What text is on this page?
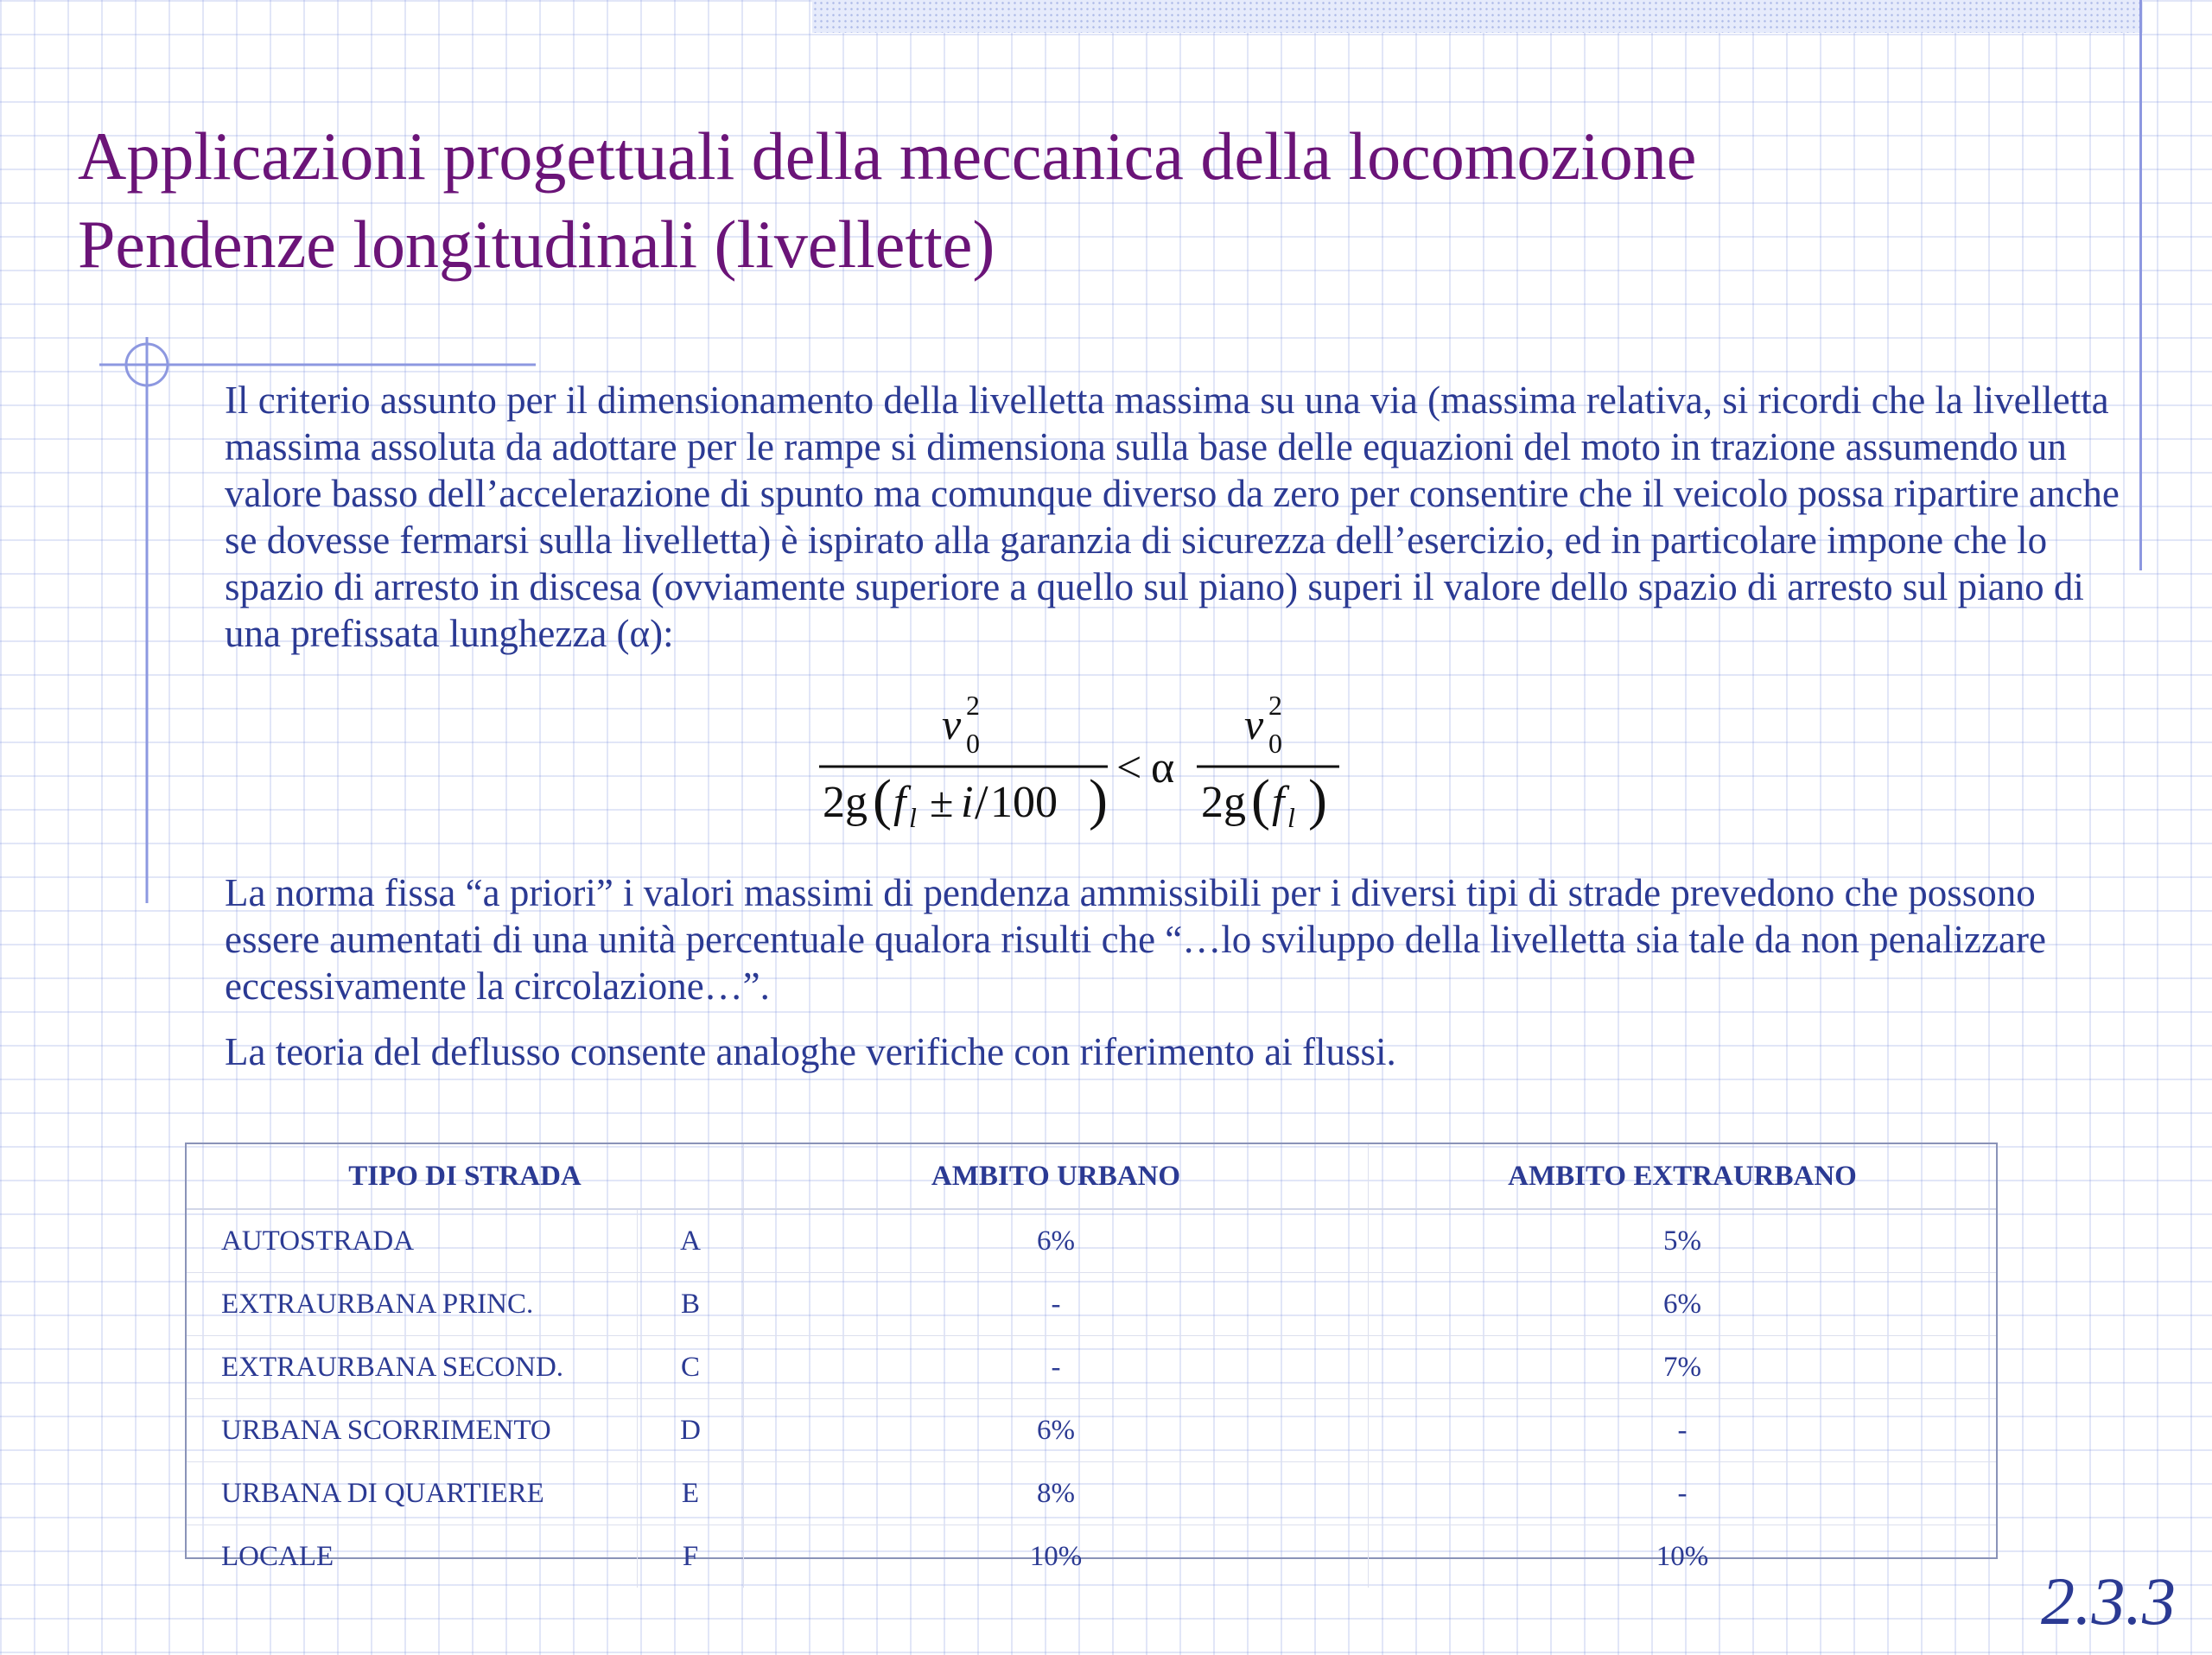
Applicazioni progettuali della meccanica della locomozione
Pendenze longitudinali (livellette)

Il criterio assunto per il dimensionamento della livelletta massima su una via (massima relativa, si ricordi che la livelletta massima assoluta da adottare per le rampe si dimensiona sulla base delle equazioni del moto in trazione assumendo un valore basso dell’accelerazione di spunto ma comunque diverso da zero per consentire che il veicolo possa ripartire anche se dovesse fermarsi sulla livelletta) è ispirato alla garanzia di sicurezza dell’esercizio, ed in particolare impone che lo spazio di arresto in discesa (ovviamente superiore a quello sul piano) superi il valore dello spazio di arresto sul piano di una prefissata lunghezza (α):

v 2
0
2g ( f l ± i / 100 )
< α
v 2
0
2g ( f l )

La norma fissa “a priori” i valori massimi di pendenza ammissibili per i diversi tipi di strade prevedono che possono essere aumentati di una unità percentuale qualora risulti che “…lo sviluppo della livelletta sia tale da non penalizzare eccessivamente la circolazione…”.

La teoria del deflusso consente analoghe verifiche con riferimento ai flussi.

TIPO DI STRADA		AMBITO URBANO	AMBITO EXTRAURBANO
AUTOSTRADA	A	6%	5%
EXTRAURBANA PRINC.	B	-	6%
EXTRAURBANA SECOND.	C	-	7%
URBANA SCORRIMENTO	D	6%	-
URBANA DI QUARTIERE	E	8%	-
LOCALE	F	10%	10%
2.3.3
